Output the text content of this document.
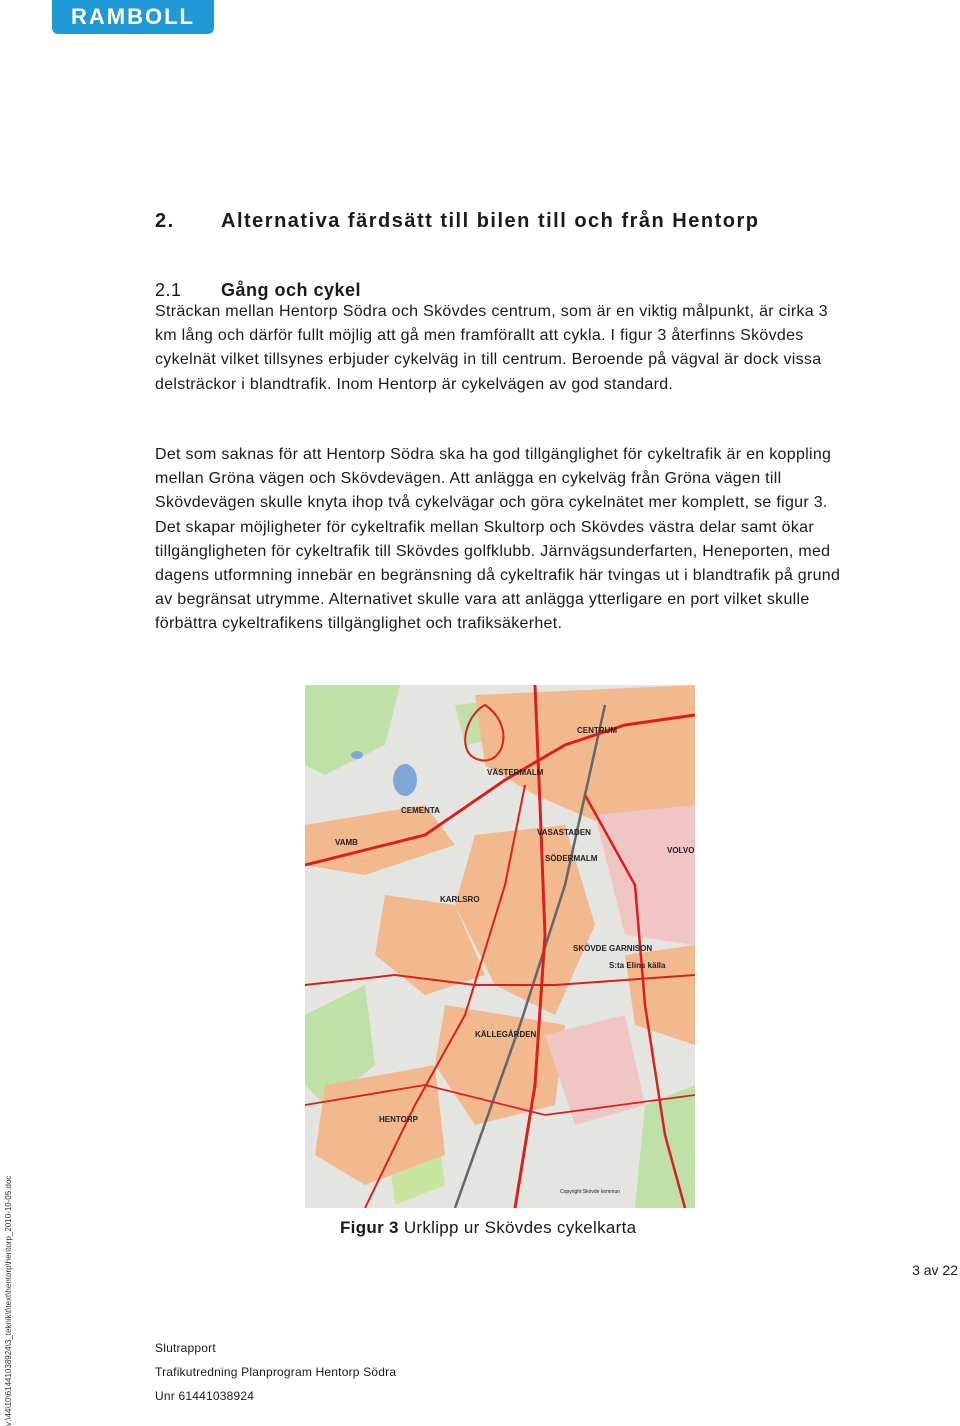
RAMBOLL
2.	Alternativa färdsätt till bilen till och från Hentorp
2.1	Gång och cykel

Sträckan mellan Hentorp Södra och Skövdes centrum, som är en viktig målpunkt, är cirka 3 km lång och därför fullt möjlig att gå men framförallt att cykla. I figur 3 återfinns Skövdes cykelnät vilket tillsynes erbjuder cykelväg in till centrum. Beroende på vägval är dock vissa delsträckor i blandtrafik. Inom Hentorp är cykelvägen av god standard.

Det som saknas för att Hentorp Södra ska ha god tillgänglighet för cykeltrafik är en koppling mellan Gröna vägen och Skövdevägen. Att anlägga en cykelväg från Gröna vägen till Skövdevägen skulle knyta ihop två cykelvägar och göra cykelnätet mer komplett, se figur 3. Det skapar möjligheter för cykeltrafik mellan Skultorp och Skövdes västra delar samt ökar tillgängligheten för cykeltrafik till Skövdes golfklubb. Järnvägsunderfarten, Heneporten, med dagens utformning innebär en begränsning då cykeltrafik här tvingas ut i blandtrafik på grund av begränsat utrymme. Alternativet skulle vara att anlägga ytterligare en port vilket skulle förbättra cykeltrafikens tillgänglighet och trafiksäkerhet.

CENTRUM
VÄSTERMALM
CEMENTA
VASASTADEN
VAMB
VOLVO
SÖDERMALM
KARLSRO
SKÖVDE GARNISON
S:ta Elins källa
KÄLLEGÅRDEN
HENTORP
Copyright Skövde kommun
Figur 3 Urklipp ur Skövdes cykelkarta
3 av 22
Slutrapport
Trafikutredning Planprogram Hentorp Södra
Unr 61441038924
v:\44\10\61441038924\3_teknik\t\text\hentorp\hentorp_2010-10-05.doc
